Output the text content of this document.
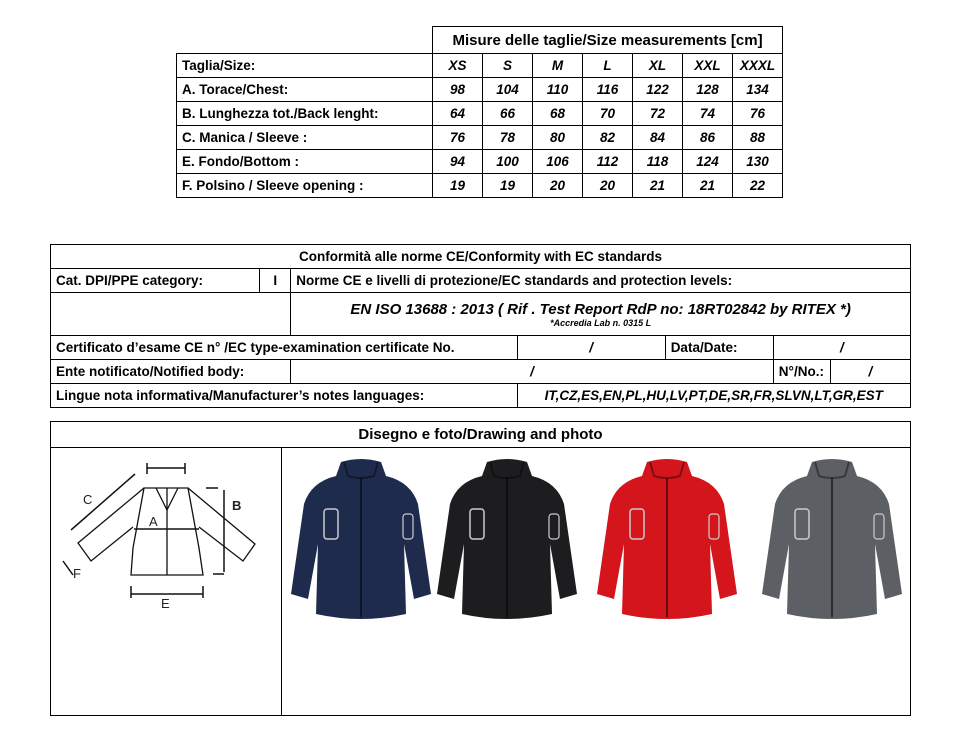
	Misure delle taglie/Size measurements [cm]						
Taglia/Size:	XS	S	M	L	XL	XXL	XXXL
A. Torace/Chest:	98	104	110	116	122	128	134
B. Lunghezza tot./Back lenght:	64	66	68	70	72	74	76
C. Manica / Sleeve :	76	78	80	82	84	86	88
E. Fondo/Bottom :	94	100	106	112	118	124	130
F. Polsino / Sleeve opening :	19	19	20	20	21	21	22
Conformità alle norme CE/Conformity with EC standards						
Cat. DPI/PPE category:	I	Norme CE e livelli di protezione/EC standards and protection levels:				
		EN ISO 13688 : 2013 ( Rif . Test Report RdP no: 18RT02842 by RITEX *)
*Accredia Lab n. 0315 L				

Certificato d’esame CE n° /EC type-examination certificate No.			/	Data/Date:	/	
Ente notificato/Notified body:		/			N°/No.:	/
Lingue nota informativa/Manufacturer’s notes languages:			IT,CZ,ES,EN,PL,HU,LV,PT,DE,SR,FR,SLVN,LT,GR,EST			
Disegno e foto/Drawing and photo
C
A
B
E
F
